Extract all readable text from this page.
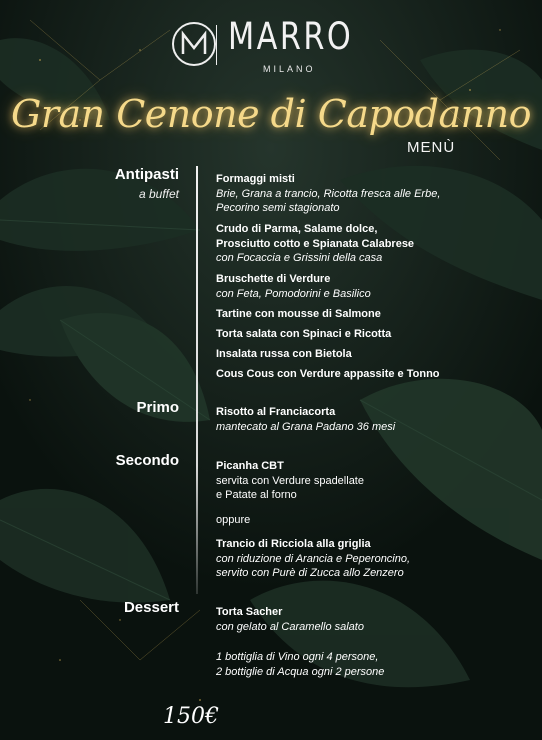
MARRO
MILANO
Gran Cenone di Capodanno
MENÙ
Antipasti
a buffet
Primo
Secondo
Dessert
Formaggi misti
Brie, Grana a trancio, Ricotta fresca alle Erbe,
Pecorino semi stagionato
Crudo di Parma, Salame dolce,
Prosciutto cotto e Spianata Calabrese
con Focaccia e Grissini della casa
Bruschette di Verdure
con Feta, Pomodorini e Basilico
Tartine con mousse di Salmone
Torta salata con Spinaci e Ricotta
Insalata russa con Bietola
Cous Cous con Verdure appassite e Tonno
Risotto al Franciacorta
mantecato al Grana Padano 36 mesi
Picanha CBT
servita con Verdure spadellate
e Patate al forno
oppure
Trancio di Ricciola alla griglia
con riduzione di Arancia e Peperoncino,
servito con Purè di Zucca allo Zenzero
Torta Sacher
con gelato al Caramello salato
1 bottiglia di Vino ogni 4 persone,
2 bottiglie di Acqua ogni 2 persone
150€
